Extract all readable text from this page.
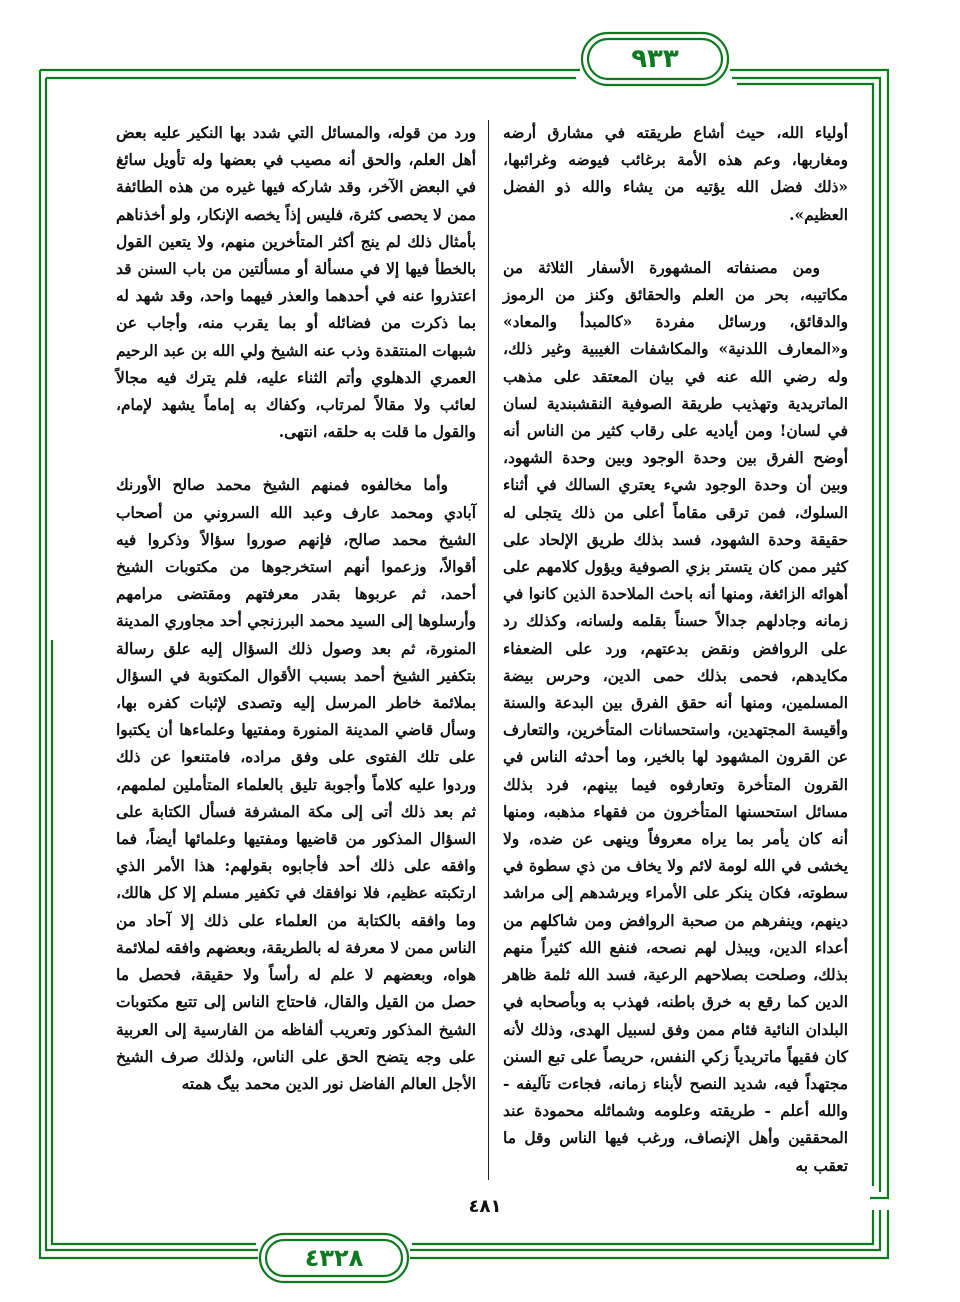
٩٣٣

أولياء الله، حيث أشاع طريقته في مشارق أرضه ومغاربها، وعم هذه الأمة برغائب فيوضه وغرائبها، «ذلك فضل الله يؤتيه من يشاء والله ذو الفضل العظيم».

ومن مصنفاته المشهورة الأسفار الثلاثة من مكاتيبه، بحر من العلم والحقائق وكنز من الرموز والدقائق، ورسائل مفردة «كالمبدأ والمعاد» و«المعارف اللدنية» والمكاشفات الغيبية وغير ذلك، وله رضي الله عنه في بيان المعتقد على مذهب الماتريدية وتهذيب طريقة الصوفية النقشبندية لسان في لسان! ومن أياديه على رقاب كثير من الناس أنه أوضح الفرق بين وحدة الوجود وبين وحدة الشهود، وبين أن وحدة الوجود شيء يعتري السالك في أثناء السلوك، فمن ترقى مقاماً أعلى من ذلك يتجلى له حقيقة وحدة الشهود، فسد بذلك طريق الإلحاد على كثير ممن كان يتستر بزي الصوفية ويؤول كلامهم على أهوائه الزائغة، ومنها أنه باحث الملاحدة الذين كانوا في زمانه وجادلهم جدالاً حسناً بقلمه ولسانه، وكذلك رد على الروافض ونقض بدعتهم، ورد على الضعفاء مكايدهم، فحمى بذلك حمى الدين، وحرس بيضة المسلمين، ومنها أنه حقق الفرق بين البدعة والسنة وأقيسة المجتهدين، واستحسانات المتأخرين، والتعارف عن القرون المشهود لها بالخير، وما أحدثه الناس في القرون المتأخرة وتعارفوه فيما بينهم، فرد بذلك مسائل استحسنها المتأخرون من فقهاء مذهبه، ومنها أنه كان يأمر بما يراه معروفاً وينهى عن ضده، ولا يخشى في الله لومة لائم ولا يخاف من ذي سطوة في سطوته، فكان ينكر على الأمراء ويرشدهم إلى مراشد دينهم، وينفرهم من صحبة الروافض ومن شاكلهم من أعداء الدين، ويبذل لهم نصحه، فنفع الله كثيراً منهم بذلك، وصلحت بصلاحهم الرعية، فسد الله ثلمة ظاهر الدين كما رقع به خرق باطنه، فهذب به وبأصحابه في البلدان النائية فئام ممن وفق لسبيل الهدى، وذلك لأنه كان فقيهاً ماتريدياً زكي النفس، حريصاً على تبع السنن مجتهداً فيه، شديد النصح لأبناء زمانه، فجاءت تآليفه - والله أعلم - طريقته وعلومه وشمائله محمودة عند المحققين وأهل الإنصاف، ورغب فيها الناس وقل ما تعقب به

ورد من قوله، والمسائل التي شدد بها النكير عليه بعض أهل العلم، والحق أنه مصيب في بعضها وله تأويل سائغ في البعض الآخر، وقد شاركه فيها غيره من هذه الطائفة ممن لا يحصى كثرة، فليس إذاً يخصه الإنكار، ولو أخذناهم بأمثال ذلك لم ينج أكثر المتأخرين منهم، ولا يتعين القول بالخطأ فيها إلا في مسألة أو مسألتين من باب السنن قد اعتذروا عنه في أحدهما والعذر فيهما واحد، وقد شهد له بما ذكرت من فضائله أو بما يقرب منه، وأجاب عن شبهات المنتقدة وذب عنه الشيخ ولي الله بن عبد الرحيم العمري الدهلوي وأتم الثناء عليه، فلم يترك فيه مجالاً لعائب ولا مقالاً لمرتاب، وكفاك به إماماً يشهد لإمام، والقول ما قلت به حلقه، انتهى.

وأما مخالفوه فمنهم الشيخ محمد صالح الأورنك آبادي ومحمد عارف وعبد الله السروني من أصحاب الشيخ محمد صالح، فإنهم صوروا سؤالاً وذكروا فيه أقوالاً، وزعموا أنهم استخرجوها من مكتوبات الشيخ أحمد، ثم عربوها بقدر معرفتهم ومقتضى مرامهم وأرسلوها إلى السيد محمد البرزنجي أحد مجاوري المدينة المنورة، ثم بعد وصول ذلك السؤال إليه علق رسالة بتكفير الشيخ أحمد بسبب الأقوال المكتوبة في السؤال بملائمة خاطر المرسل إليه وتصدى لإثبات كفره بها، وسأل قاضي المدينة المنورة ومفتيها وعلماءها أن يكتبوا على تلك الفتوى على وفق مراده، فامتنعوا عن ذلك وردوا عليه كلاماً وأجوبة تليق بالعلماء المتأملين لملمهم، ثم بعد ذلك أتى إلى مكة المشرفة فسأل الكتابة على السؤال المذكور من قاضيها ومفتيها وعلمائها أيضاً، فما وافقه على ذلك أحد فأجابوه بقولهم: هذا الأمر الذي ارتكبته عظيم، فلا نوافقك في تكفير مسلم إلا كل هالك، وما وافقه بالكتابة من العلماء على ذلك إلا آحاد من الناس ممن لا معرفة له بالطريقة، وبعضهم وافقه لملائمة هواه، وبعضهم لا علم له رأساً ولا حقيقة، فحصل ما حصل من القيل والقال، فاحتاج الناس إلى تتبع مكتوبات الشيخ المذكور وتعريب ألفاظه من الفارسية إلى العربية على وجه يتضح الحق على الناس، ولذلك صرف الشيخ الأجل العالم الفاضل نور الدين محمد بيگ همته

٤٨١
٤٣٢٨
